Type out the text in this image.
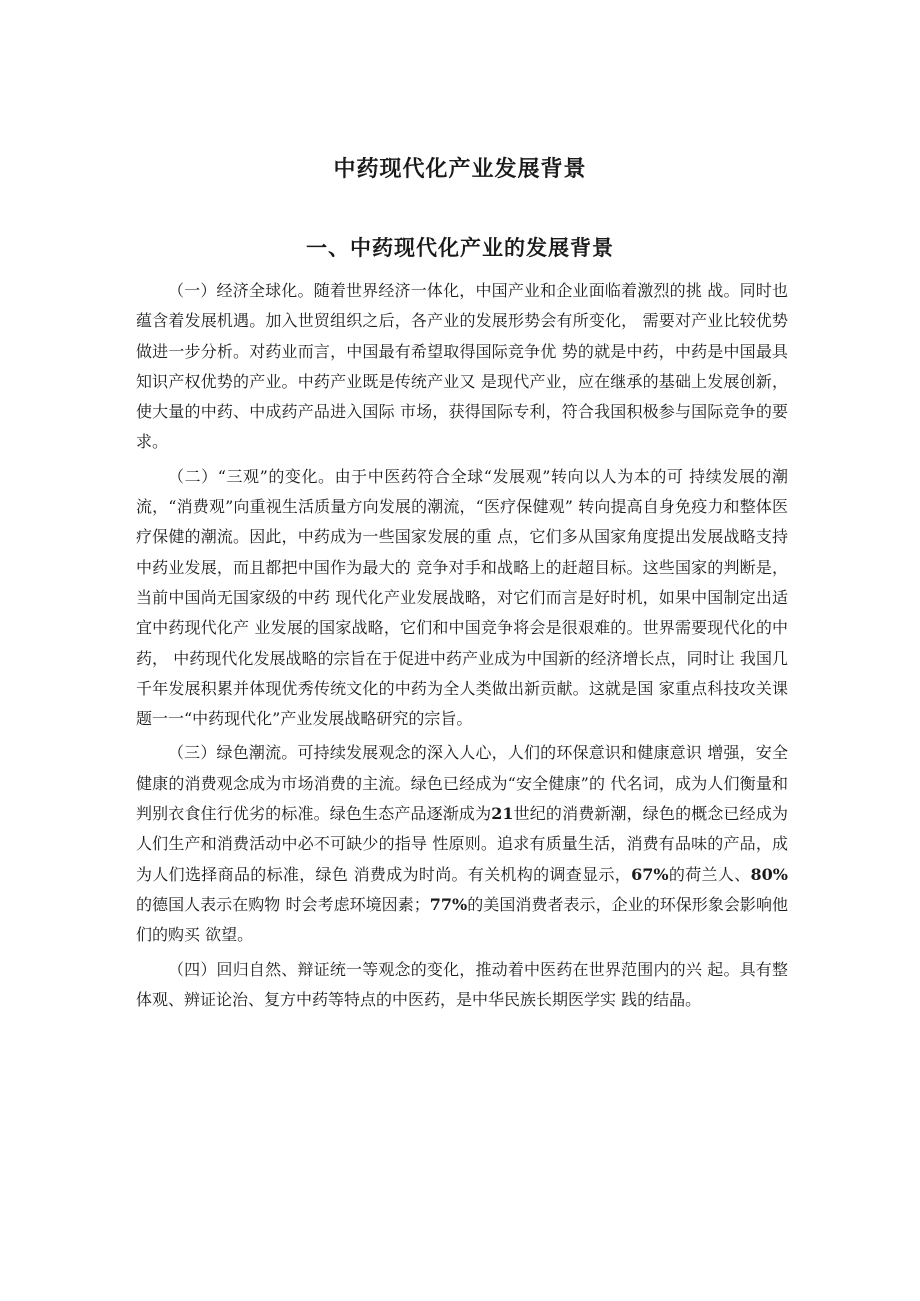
中药现代化产业发展背景
一、中药现代化产业的发展背景

（一）经济全球化。随着世界经济一体化，中国产业和企业面临着激烈的挑 战。同时也蕴含着发展机遇。加入世贸组织之后，各产业的发展形势会有所变化， 需要对产业比较优势做进一步分析。对药业而言，中国最有希望取得国际竞争优 势的就是中药，中药是中国最具知识产权优势的产业。中药产业既是传统产业又 是现代产业，应在继承的基础上发展创新，使大量的中药、中成药产品进入国际 市场，获得国际专利，符合我国积极参与国际竞争的要求。

（二）“三观”的变化。由于中医药符合全球“发展观”转向以人为本的可 持续发展的潮流，“消费观”向重视生活质量方向发展的潮流，“医疗保健观” 转向提高自身免疫力和整体医疗保健的潮流。因此，中药成为一些国家发展的重 点，它们多从国家角度提出发展战略支持中药业发展，而且都把中国作为最大的 竞争对手和战略上的赶超目标。这些国家的判断是，当前中国尚无国家级的中药 现代化产业发展战略，对它们而言是好时机，如果中国制定出适宜中药现代化产 业发展的国家战略，它们和中国竞争将会是很艰难的。世界需要现代化的中药， 中药现代化发展战略的宗旨在于促进中药产业成为中国新的经济增长点，同时让 我国几千年发展积累并体现优秀传统文化的中药为全人类做出新贡献。这就是国 家重点科技攻关课题一一“中药现代化”产业发展战略研究的宗旨。

（三）绿色潮流。可持续发展观念的深入人心，人们的环保意识和健康意识 增强，安全健康的消费观念成为市场消费的主流。绿色已经成为“安全健康”的 代名词，成为人们衡量和判别衣食住行优劣的标准。绿色生态产品逐渐成为21世纪的消费新潮，绿色的概念已经成为人们生产和消费活动中必不可缺少的指导 性原则。追求有质量生活，消费有品味的产品，成为人们选择商品的标准，绿色 消费成为时尚。有关机构的调查显示，67%的荷兰人、80%的德国人表示在购物 时会考虑环境因素；77%的美国消费者表示，企业的环保形象会影响他们的购买 欲望。

（四）回归自然、辩证统一等观念的变化，推动着中医药在世界范围内的兴 起。具有整体观、辨证论治、复方中药等特点的中医药，是中华民族长期医学实 践的结晶。
